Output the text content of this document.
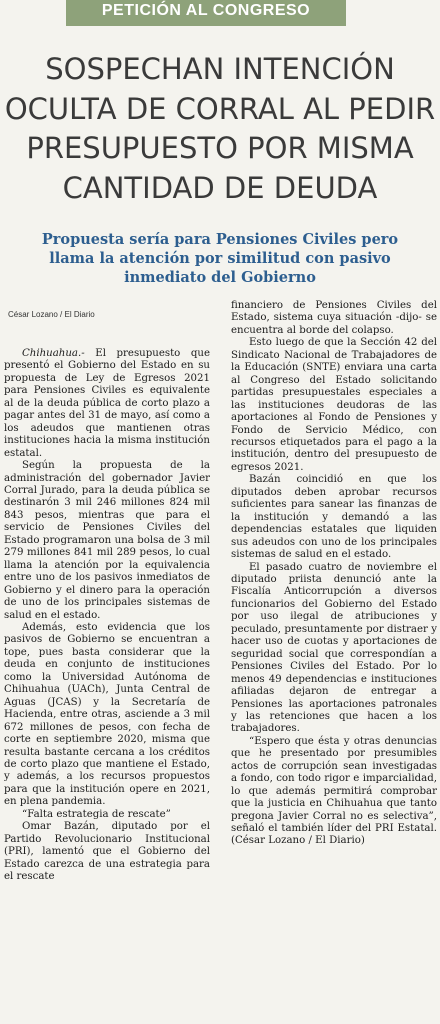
PETICIÓN AL CONGRESO
SOSPECHAN INTENCIÓN OCULTA DE CORRAL AL PEDIR PRESUPUESTO POR MISMA CANTIDAD DE DEUDA
Propuesta sería para Pensiones Civiles pero llama la atención por similitud con pasivo inmediato del Gobierno
César Lozano / El Diario

Chihuahua.- El presupuesto que presentó el Gobierno del Estado en su propuesta de Ley de Egresos 2021 para Pensiones Civiles es equivalente al de la deuda pública de corto plazo a pagar antes del 31 de mayo, así como a los adeudos que mantienen otras instituciones hacia la misma institución estatal.

Según la propuesta de la administración del gobernador Javier Corral Jurado, para la deuda pública se destinarón 3 mil 246 millones 824 mil 843 pesos, mientras que para el servicio de Pensiones Civiles del Estado programaron una bolsa de 3 mil 279 millones 841 mil 289 pesos, lo cual llama la atención por la equivalencia entre uno de los pasivos inmediatos de Gobierno y el dinero para la operación de uno de los principales sistemas de salud en el estado.

Además, esto evidencia que los pasivos de Gobierno se encuentran a tope, pues basta considerar que la deuda en conjunto de instituciones como la Universidad Autónoma de Chihuahua (UACh), Junta Central de Aguas (JCAS) y la Secretaría de Hacienda, entre otras, asciende a 3 mil 672 millones de pesos, con fecha de corte en septiembre 2020, misma que resulta bastante cercana a los créditos de corto plazo que mantiene el Estado, y además, a los recursos propuestos para que la institución opere en 2021, en plena pandemia.

“Falta estrategia de rescate”

Omar Bazán, diputado por el Partido Revolucionario Institucional (PRI), lamentó que el Gobierno del Estado carezca de una estrategia para el rescate

financiero de Pensiones Civiles del Estado, sistema cuya situación -dijo- se encuentra al borde del colapso.

Esto luego de que la Sección 42 del Sindicato Nacional de Trabajadores de la Educación (SNTE) enviara una carta al Congreso del Estado solicitando partidas presupuestales especiales a las instituciones deudoras de las aportaciones al Fondo de Pensiones y Fondo de Servicio Médico, con recursos etiquetados para el pago a la institución, dentro del presupuesto de egresos 2021.

Bazán coincidió en que los diputados deben aprobar recursos suficientes para sanear las finanzas de la institución y demandó a las dependencias estatales que liquiden sus adeudos con uno de los principales sistemas de salud en el estado.

El pasado cuatro de noviembre el diputado priista denunció ante la Fiscalía Anticorrupción a diversos funcionarios del Gobierno del Estado por uso ilegal de atribuciones y peculado, presuntamente por distraer y hacer uso de cuotas y aportaciones de seguridad social que correspondían a Pensiones Civiles del Estado. Por lo menos 49 dependencias e instituciones afiliadas dejaron de entregar a Pensiones las aportaciones patronales y las retenciones que hacen a los trabajadores.

“Espero que ésta y otras denuncias que he presentado por presumibles actos de corrupción sean investigadas a fondo, con todo rigor e imparcialidad, lo que además permitirá comprobar que la justicia en Chihuahua que tanto pregona Javier Corral no es selectiva”, señaló el también líder del PRI Estatal. (César Lozano / El Diario)
